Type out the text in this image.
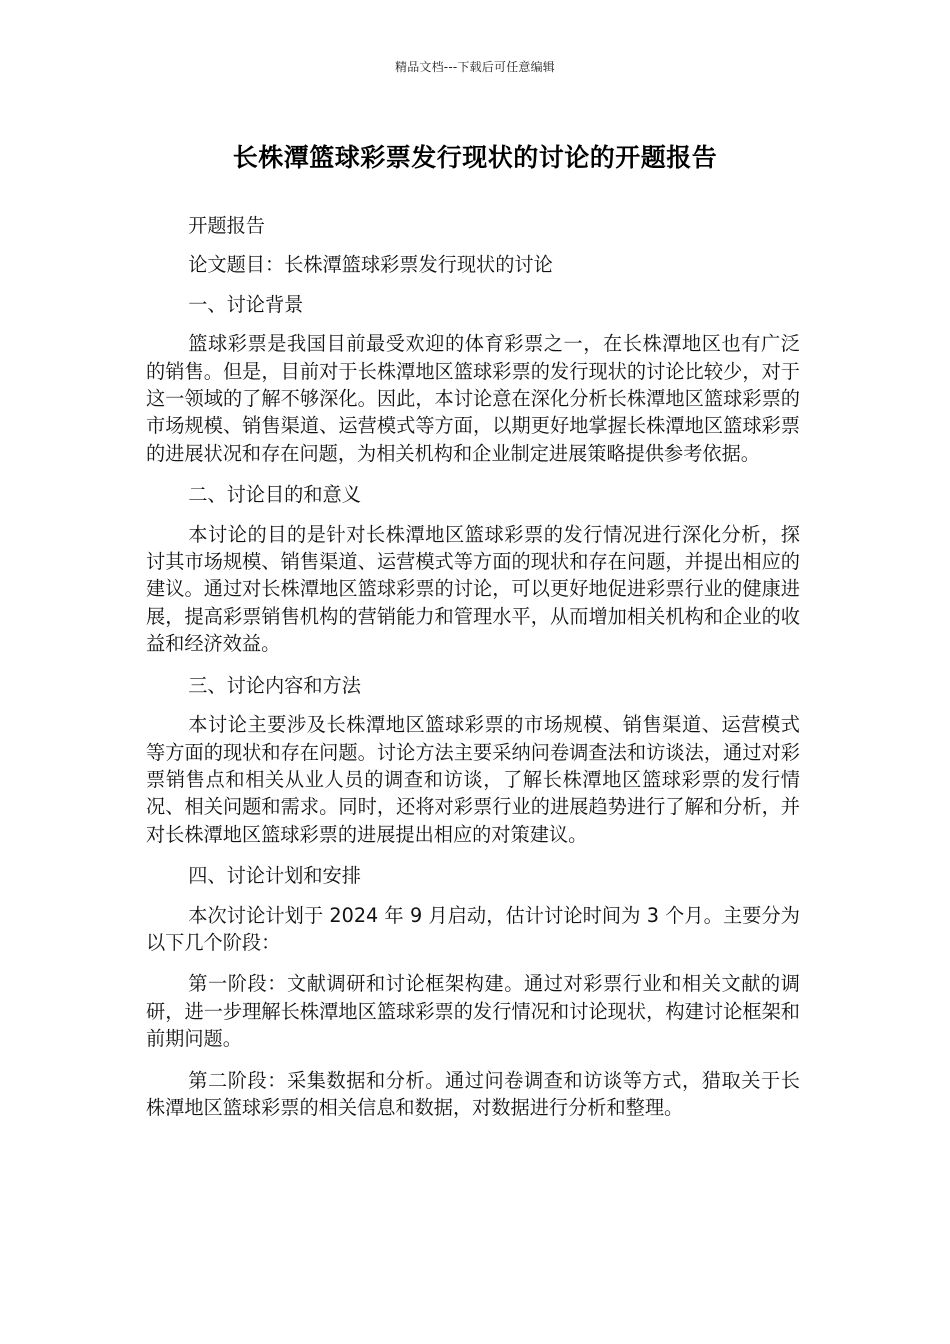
精品文档---下载后可任意编辑
长株潭篮球彩票发行现状的讨论的开题报告

开题报告

论文题目：长株潭篮球彩票发行现状的讨论

一、讨论背景

篮球彩票是我国目前最受欢迎的体育彩票之一，在长株潭地区也有广泛的销售。但是，目前对于长株潭地区篮球彩票的发行现状的讨论比较少，对于这一领域的了解不够深化。因此，本讨论意在深化分析长株潭地区篮球彩票的市场规模、销售渠道、运营模式等方面，以期更好地掌握长株潭地区篮球彩票的进展状况和存在问题，为相关机构和企业制定进展策略提供参考依据。

二、讨论目的和意义

本讨论的目的是针对长株潭地区篮球彩票的发行情况进行深化分析，探讨其市场规模、销售渠道、运营模式等方面的现状和存在问题，并提出相应的建议。通过对长株潭地区篮球彩票的讨论，可以更好地促进彩票行业的健康进展，提高彩票销售机构的营销能力和管理水平，从而增加相关机构和企业的收益和经济效益。

三、讨论内容和方法

本讨论主要涉及长株潭地区篮球彩票的市场规模、销售渠道、运营模式等方面的现状和存在问题。讨论方法主要采纳问卷调查法和访谈法，通过对彩票销售点和相关从业人员的调查和访谈，了解长株潭地区篮球彩票的发行情况、相关问题和需求。同时，还将对彩票行业的进展趋势进行了解和分析，并对长株潭地区篮球彩票的进展提出相应的对策建议。

四、讨论计划和安排

本次讨论计划于 2024 年 9 月启动，估计讨论时间为 3 个月。主要分为以下几个阶段：

第一阶段：文献调研和讨论框架构建。通过对彩票行业和相关文献的调研，进一步理解长株潭地区篮球彩票的发行情况和讨论现状，构建讨论框架和前期问题。

第二阶段：采集数据和分析。通过问卷调查和访谈等方式，猎取关于长株潭地区篮球彩票的相关信息和数据，对数据进行分析和整理。
